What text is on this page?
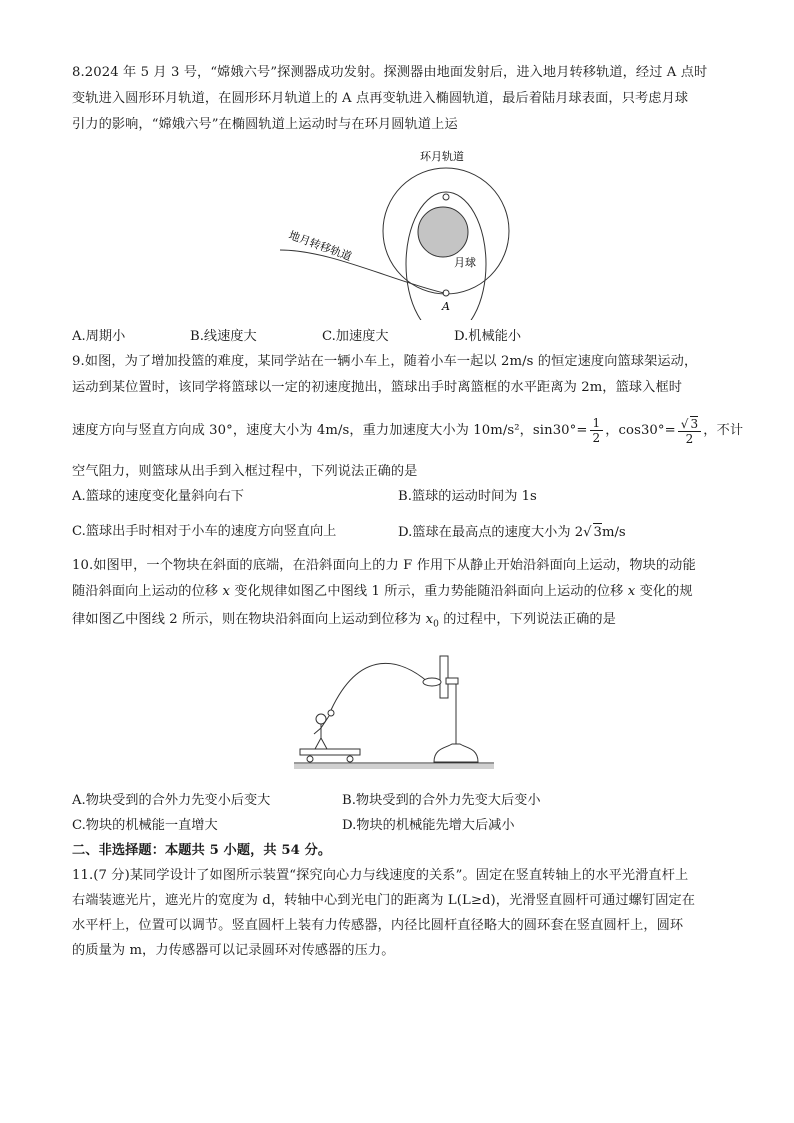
8.2024 年 5 月 3 号，“嫦娥六号”探测器成功发射。探测器由地面发射后，进入地月转移轨道，经过 A 点时
变轨进入圆形环月轨道，在圆形环月轨道上的 A 点再变轨进入椭圆轨道，最后着陆月球表面，只考虑月球
引力的影响，“嫦娥六号”在椭圆轨道上运动时与在环月圆轨道上运
环月轨道
地月转移轨道	月球
A
A.周期小	B.线速度大	C.加速度大	D.机械能小
9.如图，为了增加投篮的难度，某同学站在一辆小车上，随着小车一起以 2m/s 的恒定速度向篮球架运动，
运动到某位置时，该同学将篮球以一定的初速度抛出，篮球出手时离篮框的水平距离为 2m，篮球入框时
速度方向与竖直方向成 30°，速度大小为 4m/s，重力加速度大小为 10m/s²，$\sin 30^\circ= \frac{1}{2}$ ，$\cos 30^\circ= \frac{√ 3}{2}$ ，不计
空气阻力，则篮球从出手到入框过程中，下列说法正确的是
A.篮球的速度变化量斜向右下	B.篮球的运动时间为 1s
C.篮球出手时相对于小车的速度方向竖直向上	D.篮球在最高点的速度大小为 2√ 3m/s
10.如图甲，一个物块在斜面的底端，在沿斜面向上的力 F 作用下从静止开始沿斜面向上运动，物块的动能
随沿斜面向上运动的位移 x 变化规律如图乙中图线 1 所示，重力势能随沿斜面向上运动的位移 x 变化的规
律如图乙中图线 2 所示，则在物块沿斜面向上运动到位移为 $x_0$ 的过程中，下列说法正确的是
A.物块受到的合外力先变小后变大	B.物块受到的合外力先变大后变小
C.物块的机械能一直增大	D.物块的机械能先增大后减小
二、非选择题：本题共 5 小题，共 54 分。
11.(7 分)某同学设计了如图所示装置“探究向心力与线速度的关系”。固定在竖直转轴上的水平光滑直杆上
右端装遮光片，遮光片的宽度为 d，转轴中心到光电门的距离为 L(L≥d)，光滑竖直圆杆可通过螺钉固定在
水平杆上，位置可以调节。竖直圆杆上装有力传感器，内径比圆杆直径略大的圆环套在竖直圆杆上，圆环
的质量为 m，力传感器可以记录圆环对传感器的压力。
